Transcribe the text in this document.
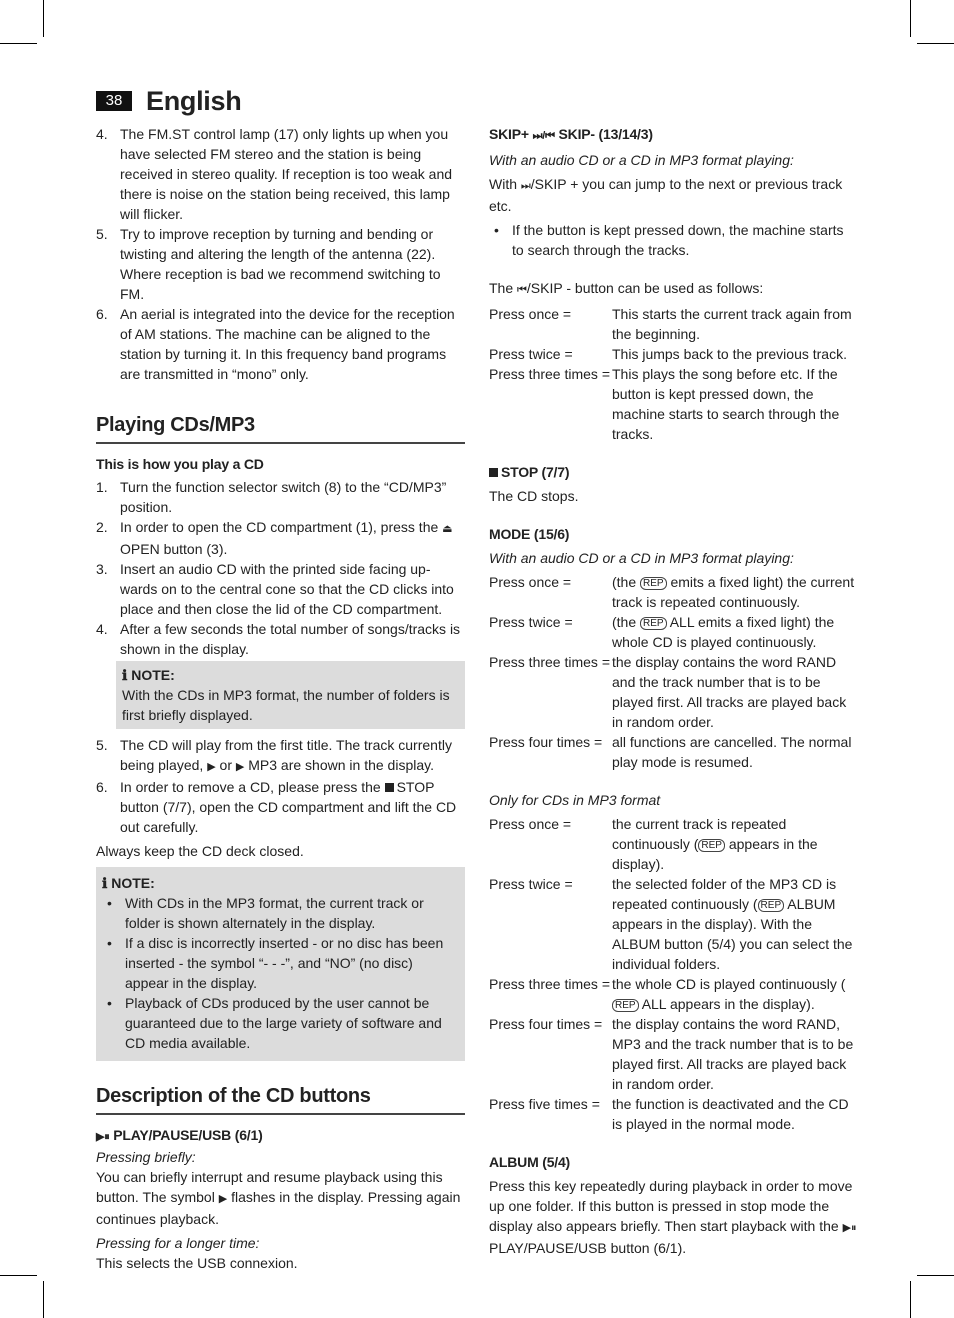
38 English
4. The FM.ST control lamp (17) only lights up when you have selected FM stereo and the station is being received in stereo quality. If reception is too weak and there is noise on the station being received, this lamp will flicker.
5. Try to improve reception by turning and bending or twisting and altering the length of the antenna (22). Where reception is bad we recommend switching to FM.
6. An aerial is integrated into the device for the reception of AM stations. The machine can be aligned to the station by turning it. In this frequency band programs are transmitted in “mono” only.
Playing CDs/MP3
This is how you play a CD
1. Turn the function selector switch (8) to the “CD/MP3” position.
2. In order to open the CD compartment (1), press the ⏏ OPEN button (3).
3. Insert an audio CD with the printed side facing up-wards on to the central cone so that the CD clicks into place and then close the lid of the CD compartment.
4. After a few seconds the total number of songs/tracks is shown in the display.
ℹ NOTE:
With the CDs in MP3 format, the number of folders is first briefly displayed.
5. The CD will play from the first title. The track currently being played, ▶ or ▶ MP3 are shown in the display.
6. In order to remove a CD, please press the STOP button (7/7), open the CD compartment and lift the CD out carefully.

Always keep the CD deck closed.

ℹ NOTE:
• With CDs in the MP3 format, the current track or folder is shown alternately in the display.
• If a disc is incorrectly inserted - or no disc has been inserted - the symbol “- - -”, and “NO” (no disc) appear in the display.
• Playback of CDs produced by the user cannot be guaranteed due to the large variety of software and CD media available.
Description of the CD buttons
▶⏸ PLAY/PAUSE/USB (6/1)

Pressing briefly:

You can briefly interrupt and resume playback using this button. The symbol ▶ flashes in the display. Pressing again continues playback.

Pressing for a longer time:

This selects the USB connexion.

SKIP+ ⏭/⏮ SKIP- (13/14/3)

With an audio CD or a CD in MP3 format playing:

With ⏭/SKIP + you can jump to the next or previous track etc.

• If the button is kept pressed down, the machine starts to search through the tracks.

The ⏮/SKIP - button can be used as follows:

Press once =	This starts the current track again from the beginning.
Press twice =	This jumps back to the previous track.
Press three times = This plays the song before etc. If the button is kept pressed down, the machine starts to search through the tracks.
STOP (7/7)

The CD stops.

MODE (15/6)

With an audio CD or a CD in MP3 format playing:

Press once =	(the REP emits a fixed light) the current track is repeated continuously.
Press twice =	(the REP ALL emits a fixed light) the whole CD is played continuously.
Press three times = the display contains the word RAND and the track number that is to be played first. All tracks are played back in random order.
Press four times = all functions are cancelled. The normal play mode is resumed.

Only for CDs in MP3 format

Press once =	the current track is repeated continuously ( REP appears in the display).
Press twice =	the selected folder of the MP3 CD is repeated continuously ( REP ALBUM appears in the display). With the ALBUM button (5/4) you can select the individual folders.
Press three times = the whole CD is played continuously (REP ALL appears in the display).
Press four times = the display contains the word RAND, MP3 and the track number that is to be played first. All tracks are played back in random order.
Press five times = the function is deactivated and the CD is played in the normal mode.
ALBUM (5/4)

Press this key repeatedly during playback in order to move up one folder. If this button is pressed in stop mode the display also appears briefly. Then start playback with the ▶⏸ PLAY/PAUSE/USB button (6/1).
